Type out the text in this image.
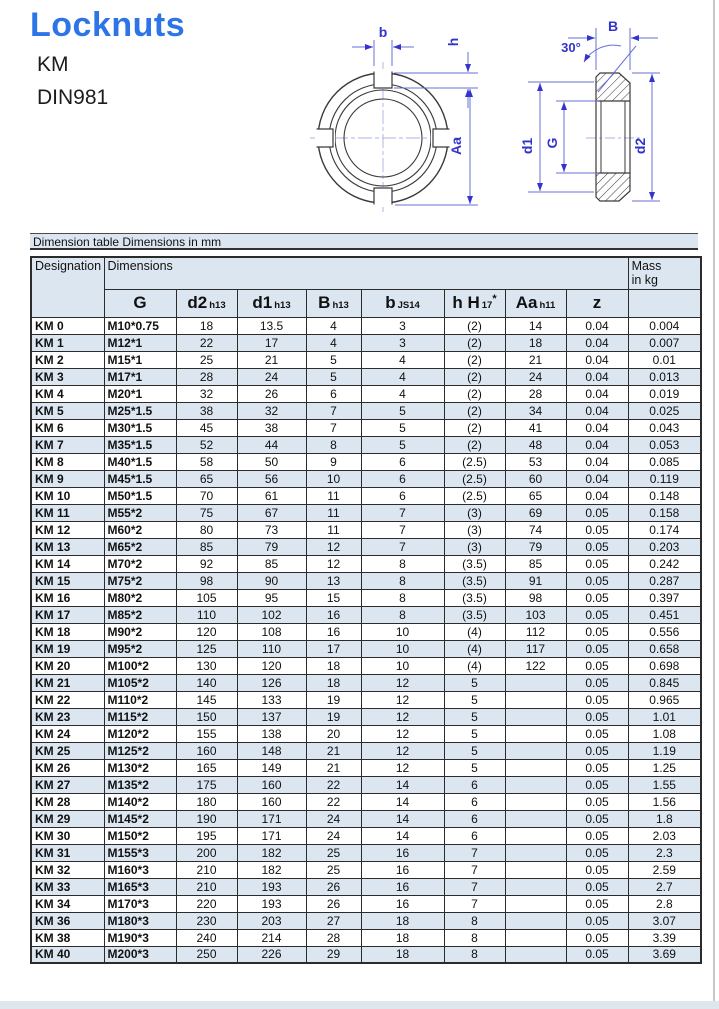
Locknuts
KM
DIN981
b
h
Aa
B
30°
d1 G	d2
Dimension table Dimensions in mm
Designation	Dimensions								Mass
in kg

	G	d2 h13	d1 h13	B h13	b JS14	h H 17*	Aa h11	z	
KM 0	M10*0.75	18	13.5	4	3	(2)	14	0.04	0.004
KM 1	M12*1	22	17	4	3	(2)	18	0.04	0.007
KM 2	M15*1	25	21	5	4	(2)	21	0.04	0.01
KM 3	M17*1	28	24	5	4	(2)	24	0.04	0.013
KM 4	M20*1	32	26	6	4	(2)	28	0.04	0.019
KM 5	M25*1.5	38	32	7	5	(2)	34	0.04	0.025
KM 6	M30*1.5	45	38	7	5	(2)	41	0.04	0.043
KM 7	M35*1.5	52	44	8	5	(2)	48	0.04	0.053
KM 8	M40*1.5	58	50	9	6	(2.5)	53	0.04	0.085
KM 9	M45*1.5	65	56	10	6	(2.5)	60	0.04	0.119
KM 10	M50*1.5	70	61	11	6	(2.5)	65	0.04	0.148
KM 11	M55*2	75	67	11	7	(3)	69	0.05	0.158
KM 12	M60*2	80	73	11	7	(3)	74	0.05	0.174
KM 13	M65*2	85	79	12	7	(3)	79	0.05	0.203
KM 14	M70*2	92	85	12	8	(3.5)	85	0.05	0.242
KM 15	M75*2	98	90	13	8	(3.5)	91	0.05	0.287
KM 16	M80*2	105	95	15	8	(3.5)	98	0.05	0.397
KM 17	M85*2	110	102	16	8	(3.5)	103	0.05	0.451
KM 18	M90*2	120	108	16	10	(4)	112	0.05	0.556
KM 19	M95*2	125	110	17	10	(4)	117	0.05	0.658
KM 20	M100*2	130	120	18	10	(4)	122	0.05	0.698
KM 21	M105*2	140	126	18	12	5		0.05	0.845
KM 22	M110*2	145	133	19	12	5		0.05	0.965
KM 23	M115*2	150	137	19	12	5		0.05	1.01
KM 24	M120*2	155	138	20	12	5		0.05	1.08
KM 25	M125*2	160	148	21	12	5		0.05	1.19
KM 26	M130*2	165	149	21	12	5		0.05	1.25
KM 27	M135*2	175	160	22	14	6		0.05	1.55
KM 28	M140*2	180	160	22	14	6		0.05	1.56
KM 29	M145*2	190	171	24	14	6		0.05	1.8
KM 30	M150*2	195	171	24	14	6		0.05	2.03
KM 31	M155*3	200	182	25	16	7		0.05	2.3
KM 32	M160*3	210	182	25	16	7		0.05	2.59
KM 33	M165*3	210	193	26	16	7		0.05	2.7
KM 34	M170*3	220	193	26	16	7		0.05	2.8
KM 36	M180*3	230	203	27	18	8		0.05	3.07
KM 38	M190*3	240	214	28	18	8		0.05	3.39
KM 40	M200*3	250	226	29	18	8		0.05	3.69
